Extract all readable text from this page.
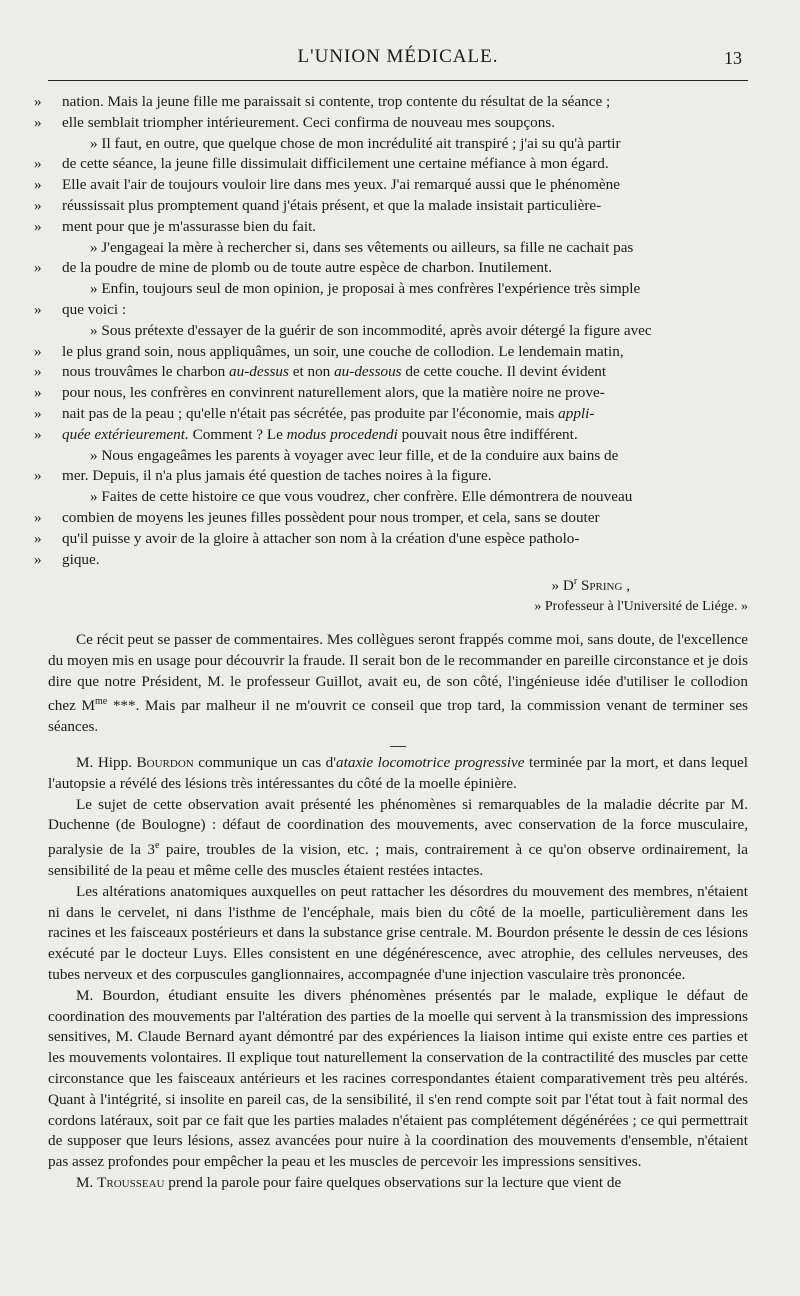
L'UNION MÉDICALE.	13
»	nation. Mais la jeune fille me paraissait si contente, trop contente du résultat de la séance ;
»	elle semblait triompher intérieurement. Ceci confirma de nouveau mes soupçons.
» Il faut, en outre, que quelque chose de mon incrédulité ait transpiré ; j'ai su qu'à partir
»	de cette séance, la jeune fille dissimulait difficilement une certaine méfiance à mon égard.
»	Elle avait l'air de toujours vouloir lire dans mes yeux. J'ai remarqué aussi que le phénomène
»	réussissait plus promptement quand j'étais présent, et que la malade insistait particulière-
»	ment pour que je m'assurasse bien du fait.
» J'engageai la mère à rechercher si, dans ses vêtements ou ailleurs, sa fille ne cachait pas
»	de la poudre de mine de plomb ou de toute autre espèce de charbon. Inutilement.
» Enfin, toujours seul de mon opinion, je proposai à mes confrères l'expérience très simple
»	que voici :
» Sous prétexte d'essayer de la guérir de son incommodité, après avoir détergé la figure avec
»	le plus grand soin, nous appliquâmes, un soir, une couche de collodion. Le lendemain matin,
»	nous trouvâmes le charbon au-dessus et non au-dessous de cette couche. Il devint évident
»	pour nous, les confrères en convinrent naturellement alors, que la matière noire ne prove-
»	nait pas de la peau ; qu'elle n'était pas sécrétée, pas produite par l'économie, mais appli-
»	quée extérieurement. Comment ? Le modus procedendi pouvait nous être indifférent.
» Nous engageâmes les parents à voyager avec leur fille, et de la conduire aux bains de
»	mer. Depuis, il n'a plus jamais été question de taches noires à la figure.
» Faites de cette histoire ce que vous voudrez, cher confrère. Elle démontrera de nouveau
»	combien de moyens les jeunes filles possèdent pour nous tromper, et cela, sans se douter
»	qu'il puisse y avoir de la gloire à attacher son nom à la création d'une espèce patholo-
»	gique.
» $D^r$ Spring ,
» Professeur à l'Université de Liége. »
Ce récit peut se passer de commentaires. Mes collègues seront frappés comme moi, sans doute, de l'excellence du moyen mis en usage pour découvrir la fraude. Il serait bon de le recommander en pareille circonstance et je dois dire que notre Président, M. le professeur Guillot, avait eu, de son côté, l'ingénieuse idée d'utiliser le collodion chez $M^{me}$ ***. Mais par malheur il ne m'ouvrit ce conseil que trop tard, la commission venant de terminer ses séances.
M. Hipp. Bourdon communique un cas d'ataxie locomotrice progressive terminée par la mort, et dans lequel l'autopsie a révélé des lésions très intéressantes du côté de la moelle épinière.
Le sujet de cette observation avait présenté les phénomènes si remarquables de la maladie décrite par M. Duchenne (de Boulogne) : défaut de coordination des mouvements, avec conservation de la force musculaire, paralysie de la 3e paire, troubles de la vision, etc. ; mais, contrairement à ce qu'on observe ordinairement, la sensibilité de la peau et même celle des muscles étaient restées intactes.
Les altérations anatomiques auxquelles on peut rattacher les désordres du mouvement des membres, n'étaient ni dans le cervelet, ni dans l'isthme de l'encéphale, mais bien du côté de la moelle, particulièrement dans les racines et les faisceaux postérieurs et dans la substance grise centrale. M. Bourdon présente le dessin de ces lésions exécuté par le docteur Luys. Elles consistent en une dégénérescence, avec atrophie, des cellules nerveuses, des tubes nerveux et des corpuscules ganglionnaires, accompagnée d'une injection vasculaire très prononcée.
M. Bourdon, étudiant ensuite les divers phénomènes présentés par le malade, explique le défaut de coordination des mouvements par l'altération des parties de la moelle qui servent à la transmission des impressions sensitives, M. Claude Bernard ayant démontré par des expériences la liaison intime qui existe entre ces parties et les mouvements volontaires. Il explique tout naturellement la conservation de la contractilité des muscles par cette circonstance que les faisceaux antérieurs et les racines correspondantes étaient comparativement très peu altérés. Quant à l'intégrité, si insolite en pareil cas, de la sensibilité, il s'en rend compte soit par l'état tout à fait normal des cordons latéraux, soit par ce fait que les parties malades n'étaient pas complétement dégénérées ; ce qui permettrait de supposer que leurs lésions, assez avancées pour nuire à la coordination des mouvements d'ensemble, n'étaient pas assez profondes pour empêcher la peau et les muscles de percevoir les impressions sensitives.
M. Trousseau prend la parole pour faire quelques observations sur la lecture que vient de
